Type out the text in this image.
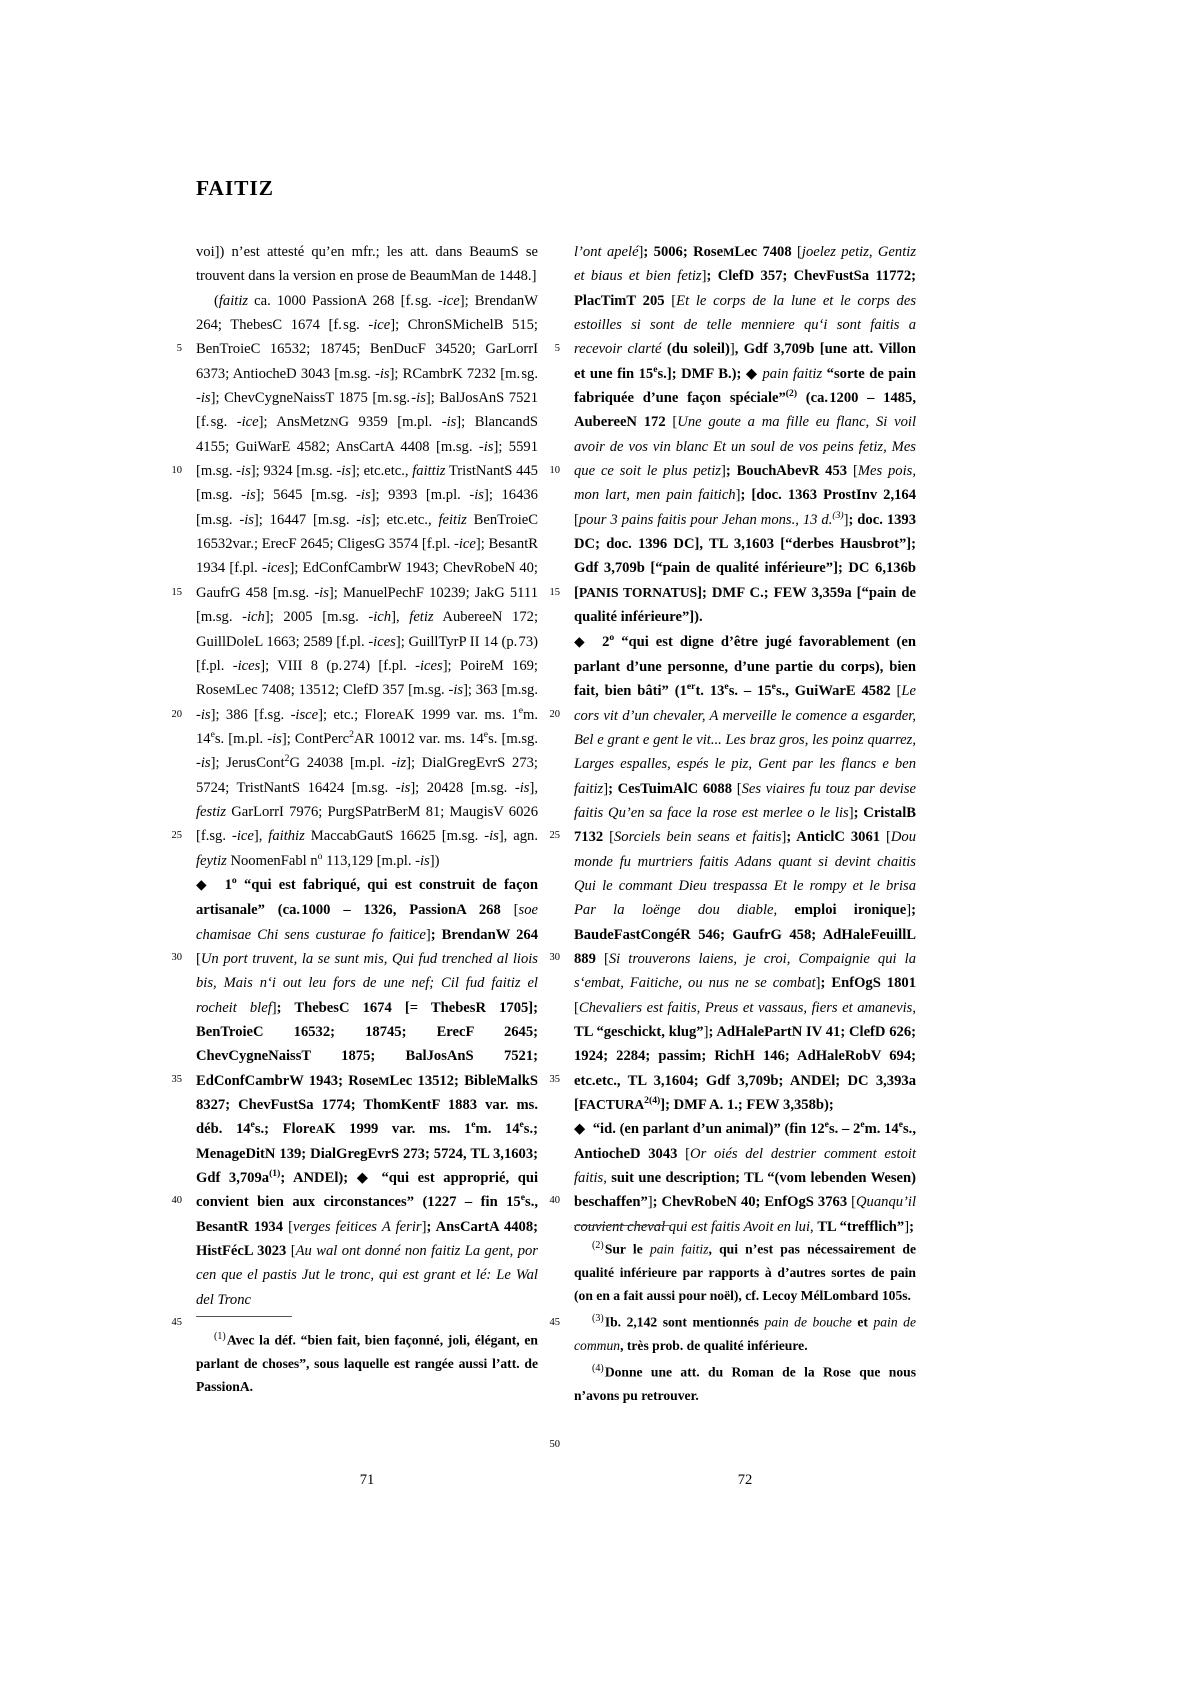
FAITIZ
5
10
15
20
25
30
35
40
45

voi]) n’est attesté qu’en mfr.; les att. dans BeaumS se trouvent dans la version en prose de BeaumMan de 1448.]

(faitiz ca. 1000 PassionA 268 [f. sg. -ice]; BrendanW 264; ThebesC 1674 [f. sg. -ice]; ChronSMichelB 515; BenTroieC 16532; 18745; BenDucF 34520; GarLorrI 6373; AntiocheD 3043 [m.sg. -is]; RCambrK 7232 [m. sg. -is]; ChevCygneNaissT 1875 [m. sg. -is]; BalJosAnS 7521 [f. sg. -ice]; AnsMetzNG 9359 [m.pl. -is]; BlancandS 4155; GuiWarE 4582; AnsCartA 4408 [m.sg. -is]; 5591 [m.sg. -is]; 9324 [m.sg. -is]; etc.etc., faittiz TristNantS 445 [m.sg. -is]; 5645 [m.sg. -is]; 9393 [m.pl. -is]; 16436 [m.sg. -is]; 16447 [m.sg. -is]; etc.etc., feitiz BenTroieC 16532var.; ErecF 2645; CligesG 3574 [f.pl. -ice]; BesantR 1934 [f.pl. -ices]; EdConfCambrW 1943; ChevRobeN 40; GaufrG 458 [m.sg. -is]; ManuelPechF 10239; JakG 5111 [m.sg. -ich]; 2005 [m.sg. -ich], fetiz AubereeN 172; GuillDoleL 1663; 2589 [f.pl. -ices]; GuillTyrP II 14 (p. 73) [f.pl. -ices]; VIII 8 (p. 274) [f.pl. -ices]; PoireM 169; RoseMLec 7408; 13512; ClefD 357 [m.sg. -is]; 363 [m.sg. -is]; 386 [f.sg. -isce]; etc.; FloreAK 1999 var. ms. 1em. 14es. [m.pl. -is]; ContPerc$^2$AR 10012 var. ms. 14es. [m.sg. -is]; JerusCont$^2$G 24038 [m.pl. -iz]; DialGregEvrS 273; 5724; TristNantS 16424 [m.sg. -is]; 20428 [m.sg. -is], festiz GarLorrI 7976; PurgSPatrBerM 81; MaugisV 6026 [f.sg. -ice], faithiz MaccabGautS 16625 [m.sg. -is], agn. feytiz NoomenFabl $n^o$ 113,129 [m.pl. -is])

◆ 1$^o$ “qui est fabriqué, qui est construit de façon artisanale” (ca. 1000 – 1326, PassionA 268 [soe chamisae Chi sens custurae fo faitice]; BrendanW 264 [Un port truvent, la se sunt mis, Qui fud trenched al liois bis, Mais n‘i out leu fors de une nef; Cil fud faitiz el rocheit blef]; ThebesC 1674 [= ThebesR 1705]; BenTroieC 16532; 18745; ErecF 2645; ChevCygneNaissT 1875; BalJosAnS 7521; EdConfCambrW 1943; RoseMLec 13512; BibleMalkS 8327; ChevFustSa 1774; ThomKentF 1883 var. ms. déb. 14es.; FloreAK 1999 var. ms. 1em. 14es.; MenageDitN 139; DialGregEvrS 273; 5724, TL 3,1603; Gdf $3,709a^{(1)}$; ANDEl); ◆ “qui est approprié, qui convient bien aux circonstances” (1227 – fin 15es., BesantR 1934 [verges feitices A ferir]; AnsCartA 4408; HistFécL 3023 [Au wal ont donné non faitiz La gent, por cen que el pastis Jut le tronc, qui est grant et lé: Le Wal del Tronc

$^{(1)}$ Avec la déf. “bien fait, bien façonné, joli, élégant, en parlant de choses”, sous laquelle est rangée aussi l’att. de PassionA.

71
5
10
15
20
25
30
35
40
45
50

l’ont apelé]; 5006; RoseMLec 7408 [joelez petiz, Gentiz et biaus et bien fetiz]; ClefD 357; ChevFustSa 11772; PlacTimT 205 [Et le corps de la lune et le corps des estoilles si sont de telle menniere qu‘i sont faitis a recevoir clarté (du soleil)], Gdf 3,709b [une att. Villon et une fin 15es.]; DMF B.); ◆ pain faitiz “sorte de pain fabriquée d’une façon spéciale”$^{(2)}$ (ca. 1200 – 1485, AubereeN 172 [Une goute a ma fille eu flanc, Si voil avoir de vos vin blanc Et un soul de vos peins fetiz, Mes que ce soit le plus petiz]; BouchAbevR 453 [Mes pois, mon lart, men pain faitich]; [doc. 1363 ProstInv 2,164 [pour 3 pains faitis pour Jehan mons., 13 d.$^{(3)}$]; doc. 1393 DC; doc. 1396 DC], TL 3,1603 [“derbes Hausbrot”]; Gdf 3,709b [“pain de qualité inférieure”]; DC 6,136b [PANIS TORNATUS]; DMF C.; FEW 3,359a [“pain de qualité inférieure”]).

◆ 2$^o$ “qui est digne d’être jugé favorablement (en parlant d’une personne, d’une partie du corps), bien fait, bien bâti” (1ert. 13es. – 15es., GuiWarE 4582 [Le cors vit d’un chevaler, A merveille le comence a esgarder, Bel e grant e gent le vit... Les braz gros, les poinz quarrez, Larges espalles, espés le piz, Gent par les flancs e ben faitiz]; CesTuimAlC 6088 [Ses viaires fu touz par devise faitis Qu’en sa face la rose est merlee o le lis]; CristalB 7132 [Sorciels bein seans et faitis]; AnticlC 3061 [Dou monde fu murtriers faitis Adans quant si devint chaitis Qui le commant Dieu trespassa Et le rompy et le brisa Par la loënge dou diable, emploi ironique]; BaudeFastCongéR 546; GaufrG 458; AdHaleFeuillL 889 [Si trouverons laiens, je croi, Compaignie qui la s‘embat, Faitiche, ou nus ne se combat]; EnfOgS 1801 [Chevaliers est faitis, Preus et vassaus, fiers et amanevis, TL “geschickt, klug”]; AdHalePartN IV 41; ClefD 626; 1924; 2284; passim; RichH 146; AdHaleRobV 694; etc.etc., TL 3,1604; Gdf 3,709b; ANDEl; DC 3,393a $[FACTURA^{2(4)}]$; DMF A. 1.; FEW 3,358b);

◆  “id. (en parlant d’un animal)” (fin 12es. – 2em. 14es., AntiocheD 3043 [Or oiés del destrier comment estoit faitis, suit une description; TL “(vom lebenden Wesen) beschaffen”]; ChevRobeN 40; EnfOgS 3763 [Quanqu’il couvient cheval qui est faitis Avoit en lui, TL “trefflich”];

$^{(2)}$ Sur le pain faitiz, qui n’est pas nécessairement de qualité inférieure par rapports à d’autres sortes de pain (on en a fait aussi pour noël), cf. Lecoy MélLombard 105s.

$^{(3)}$ Ib. 2,142 sont mentionnés pain de bouche et pain de commun, très prob. de qualité inférieure.

$^{(4)}$ Donne une att. du Roman de la Rose que nous n’avons pu retrouver.

72
